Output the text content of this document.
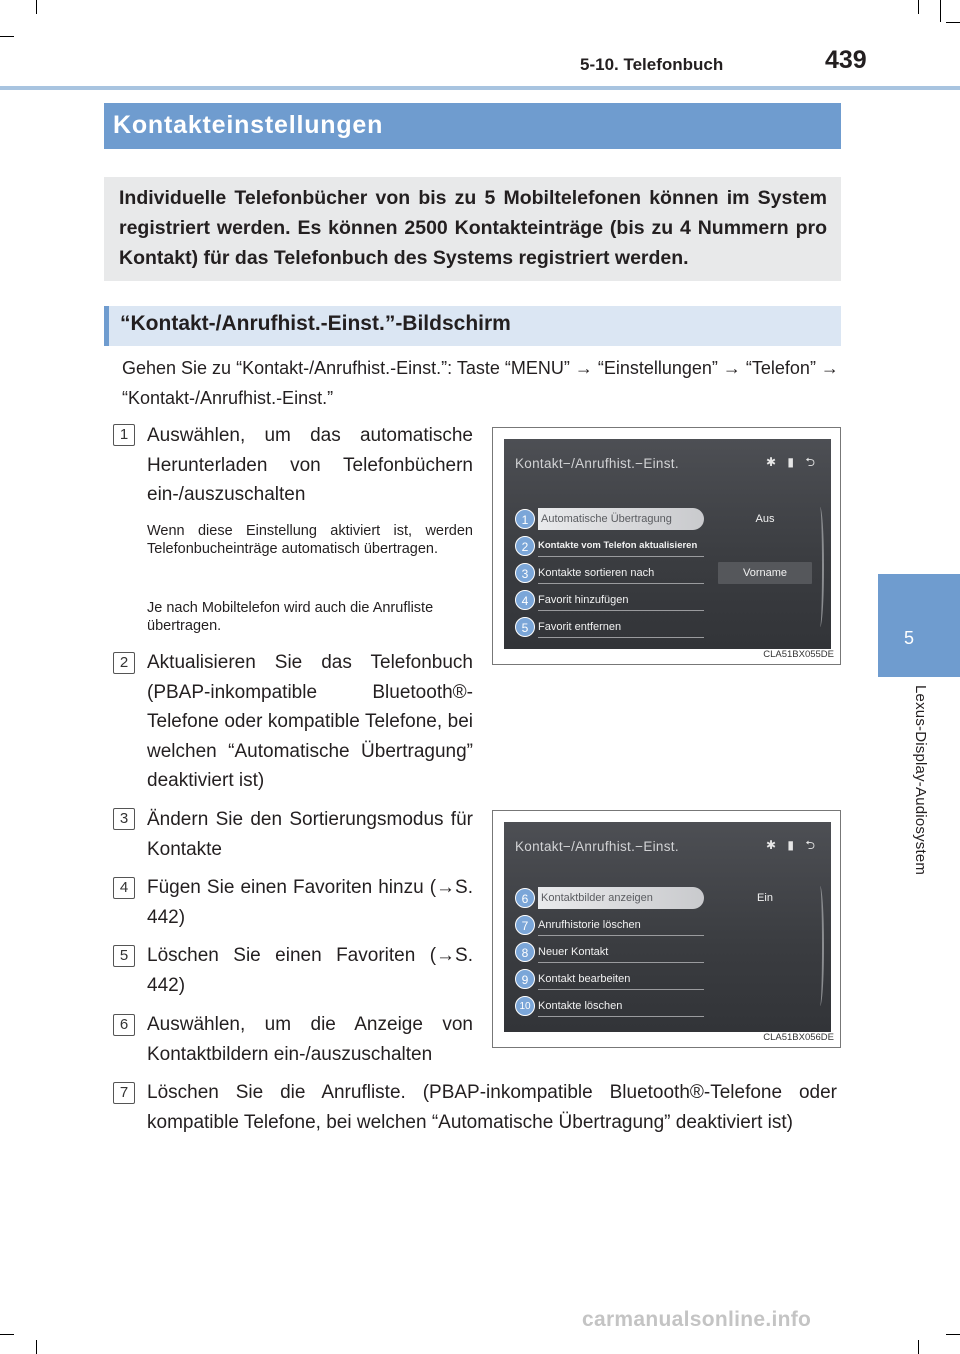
5-10. Telefonbuch	439
5
Lexus-Display-Audiosystem
Kontakteinstellungen

Individuelle Telefonbücher von bis zu 5 Mobiltelefonen können im System registriert werden. Es können 2500 Kontakteinträge (bis zu 4 Nummern pro Kontakt) für das Telefonbuch des Systems registriert werden.

“Kontakt-/Anrufhist.-Einst.”-Bildschirm
Gehen Sie zu “Kontakt-/Anrufhist.-Einst.”: Taste “MENU” → “Einstellungen” → “Telefon” → “Kontakt-/Anrufhist.-Einst.”
1 Auswählen, um das automatische Herunterladen von Telefonbüchern ein-/auszuschalten
Wenn diese Einstellung aktiviert ist, werden Telefonbucheinträge automatisch übertragen.
Je nach Mobiltelefon wird auch die Anrufliste übertragen.
2 Aktualisieren Sie das Telefonbuch (PBAP-inkompatible Bluetooth®-Telefone oder kompatible Telefone, bei welchen “Automatische Übertragung” deaktiviert ist)
3 Ändern Sie den Sortierungsmodus für Kontakte
4 Fügen Sie einen Favoriten hinzu (→S. 442)
5 Löschen Sie einen Favoriten (→S. 442)
6 Auswählen, um die Anzeige von Kontaktbildern ein-/auszuschalten
7 Löschen Sie die Anrufliste. (PBAP-inkompatible Bluetooth®-Telefone oder kompatible Telefone, bei welchen “Automatische Übertragung” deaktiviert ist)
Kontakt−/Anrufhist.−Einst.	✱ ▮ ⮌
1	Automatische Übertragung	Aus
2	Kontakte vom Telefon aktualisieren
3 Kontakte sortieren nach	Vorname
4 Favorit hinzufügen
5 Favorit entfernen
CLA51BX055DE
Kontakt−/Anrufhist.−Einst.	✱ ▮ ⮌
6	Kontaktbilder anzeigen	Ein
7 Anrufhistorie löschen
8 Neuer Kontakt
9 Kontakt bearbeiten
10 Kontakte löschen
CLA51BX056DE
carmanualsonline.info
